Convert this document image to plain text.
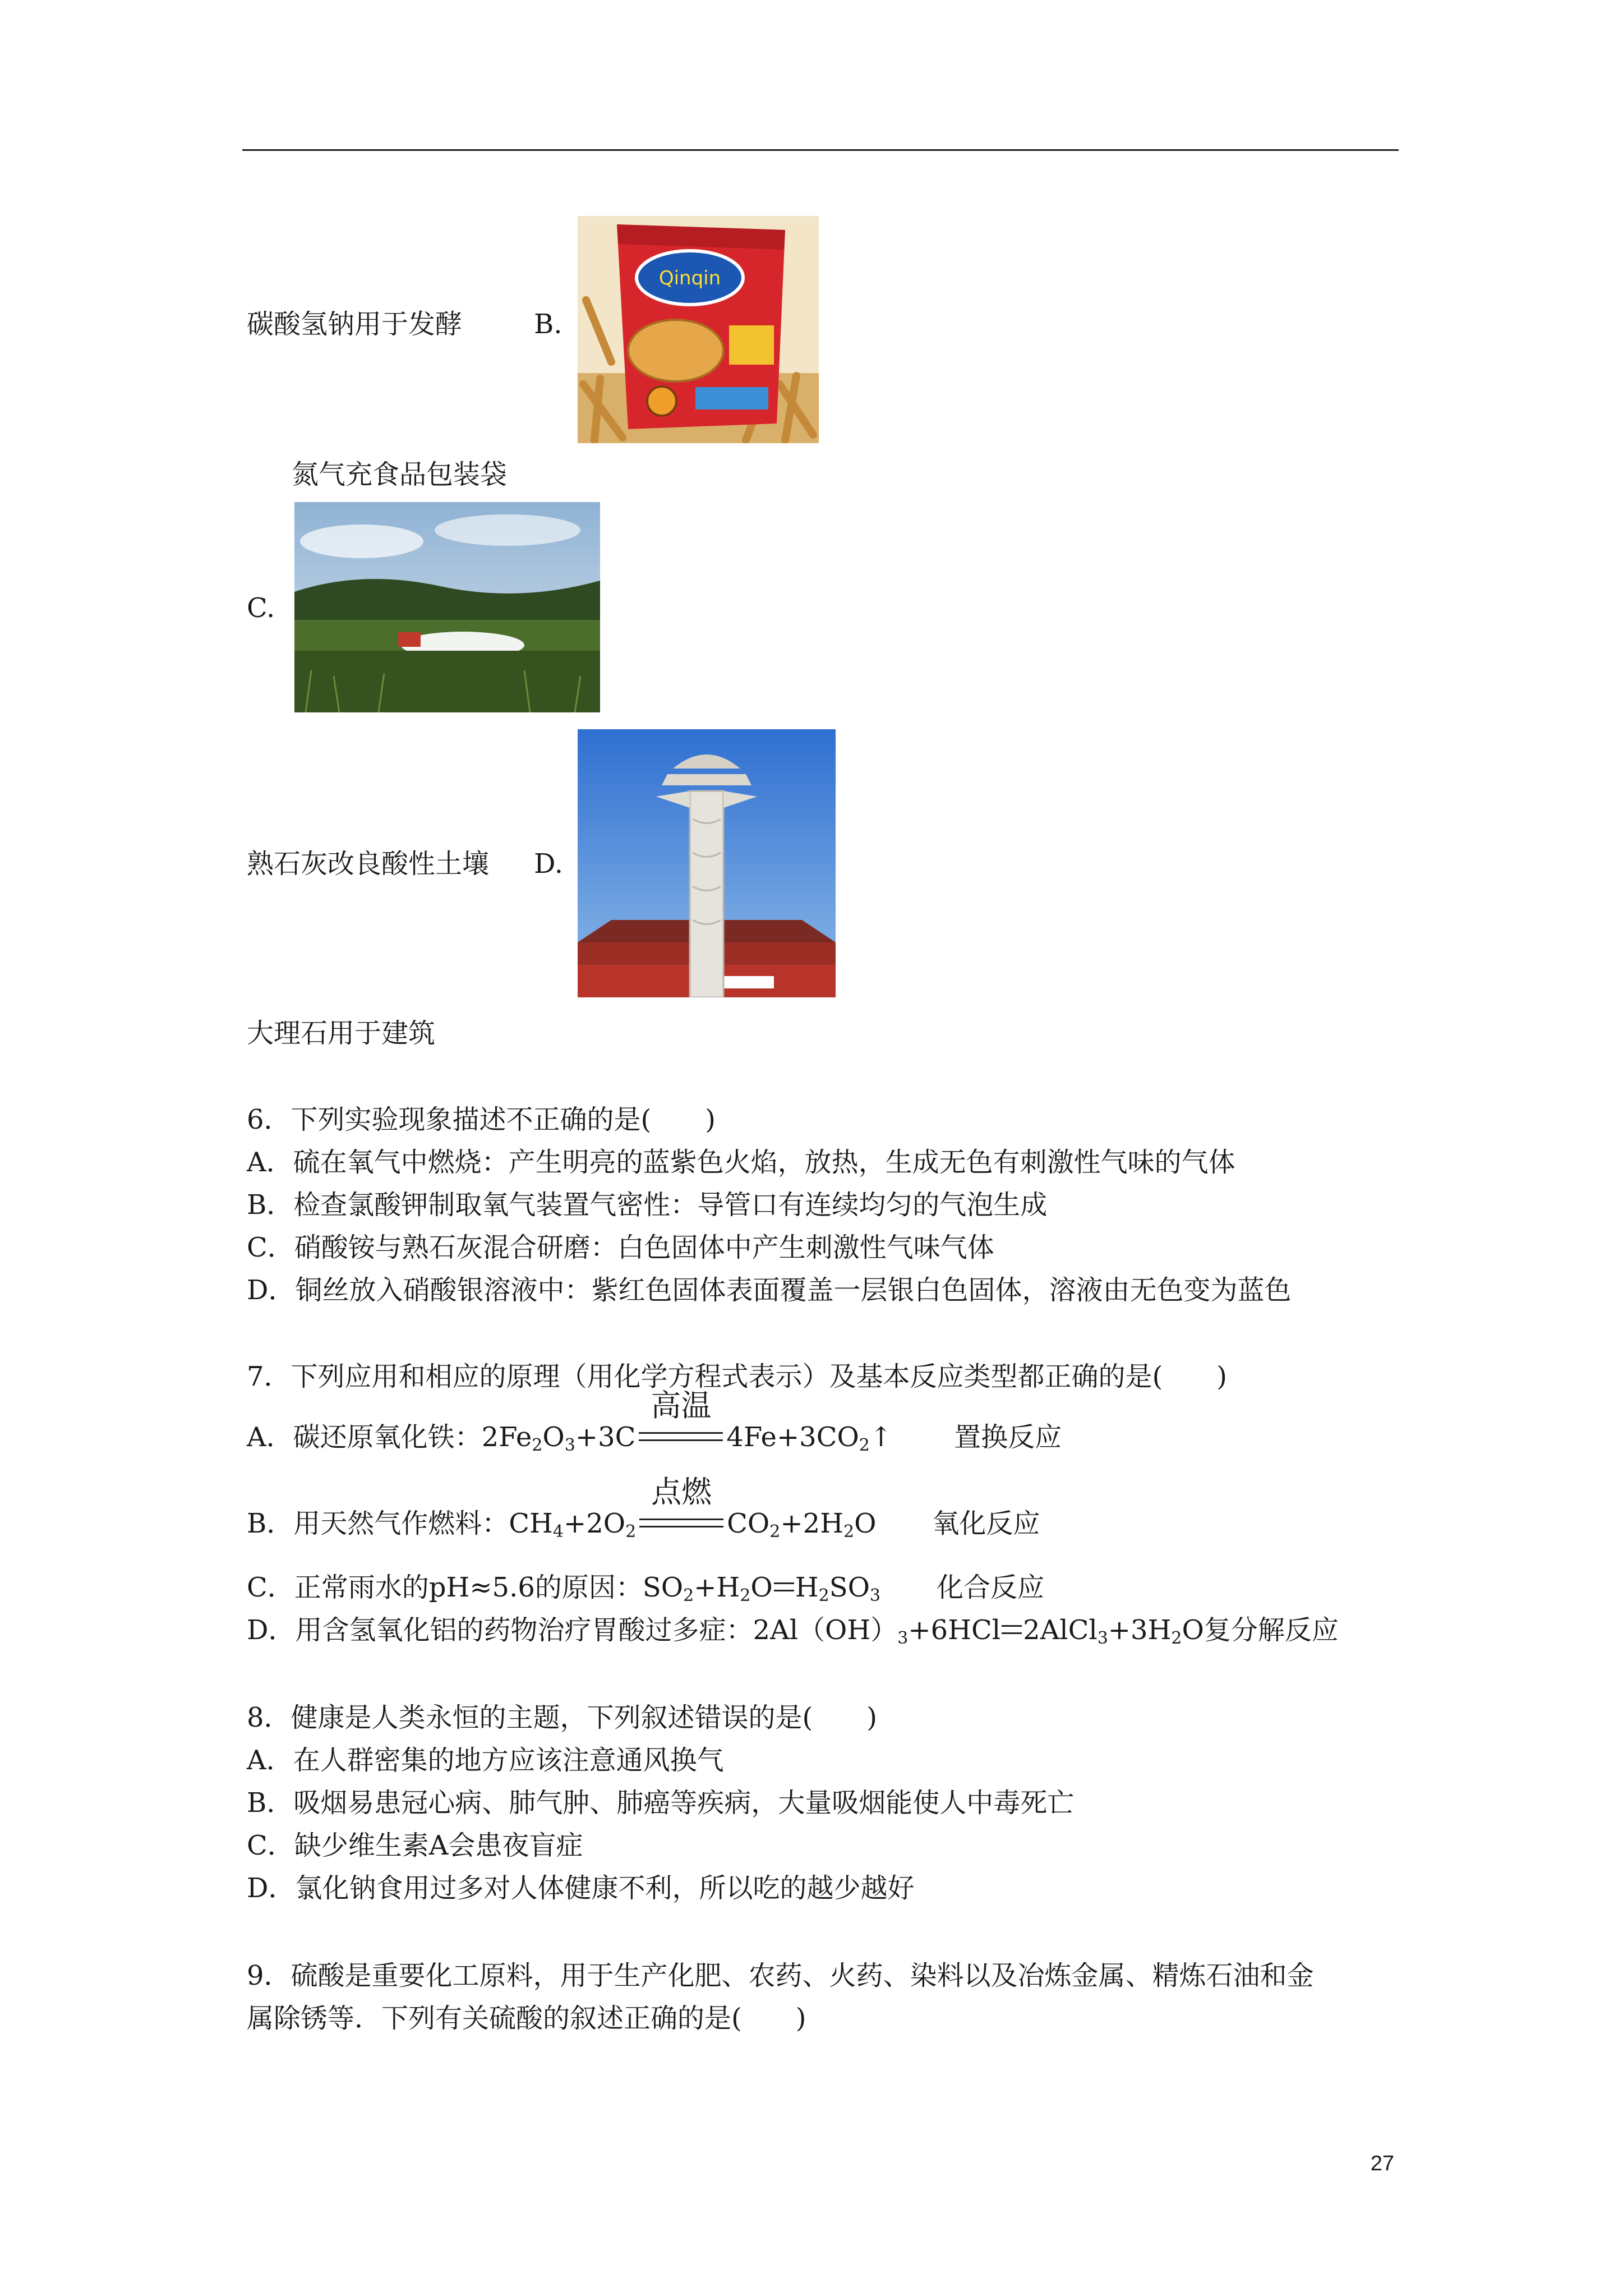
碳酸氢钠用于发酵	B.
Qinqin
氮气充食品包装袋
C.
熟石灰改良酸性土壤 D.
大理石用于建筑
6．下列实验现象描述不正确的是(　　)
A．硫在氧气中燃烧：产生明亮的蓝紫色火焰，放热，生成无色有刺激性气味的气体
B．检查氯酸钾制取氧气装置气密性：导管口有连续均匀的气泡生成
C．硝酸铵与熟石灰混合研磨：白色固体中产生刺激性气味气体
D．铜丝放入硝酸银溶液中：紫红色固体表面覆盖一层银白色固体，溶液由无色变为蓝色
7．下列应用和相应的原理（用化学方程式表示）及基本反应类型都正确的是(　　)
A．碳还原氧化铁：$2Fe_2O_3+3C$
高温
$4Fe+3CO_2↑$ 置换反应
B．用天然气作燃料：$CH_4+2O_2$
点燃
$CO_2+2H_2O$ 氧化反应
C．正常雨水的pH≈5.6的原因：$SO_2+H_2O$ $H_2SO_3$ 化合反应
D．用含氢氧化铝的药物治疗胃酸过多症：$2Al(OH)_3+6HCl$ $2AlCl_3+3H_2O$复分解反应
8．健康是人类永恒的主题，下列叙述错误的是(　　)
A．在人群密集的地方应该注意通风换气
B．吸烟易患冠心病、肺气肿、肺癌等疾病，大量吸烟能使人中毒死亡
C．缺少维生素A会患夜盲症
D．氯化钠食用过多对人体健康不利，所以吃的越少越好
9．硫酸是重要化工原料，用于生产化肥、农药、火药、染料以及冶炼金属、精炼石油和金
属除锈等．下列有关硫酸的叙述正确的是(　　)
27
